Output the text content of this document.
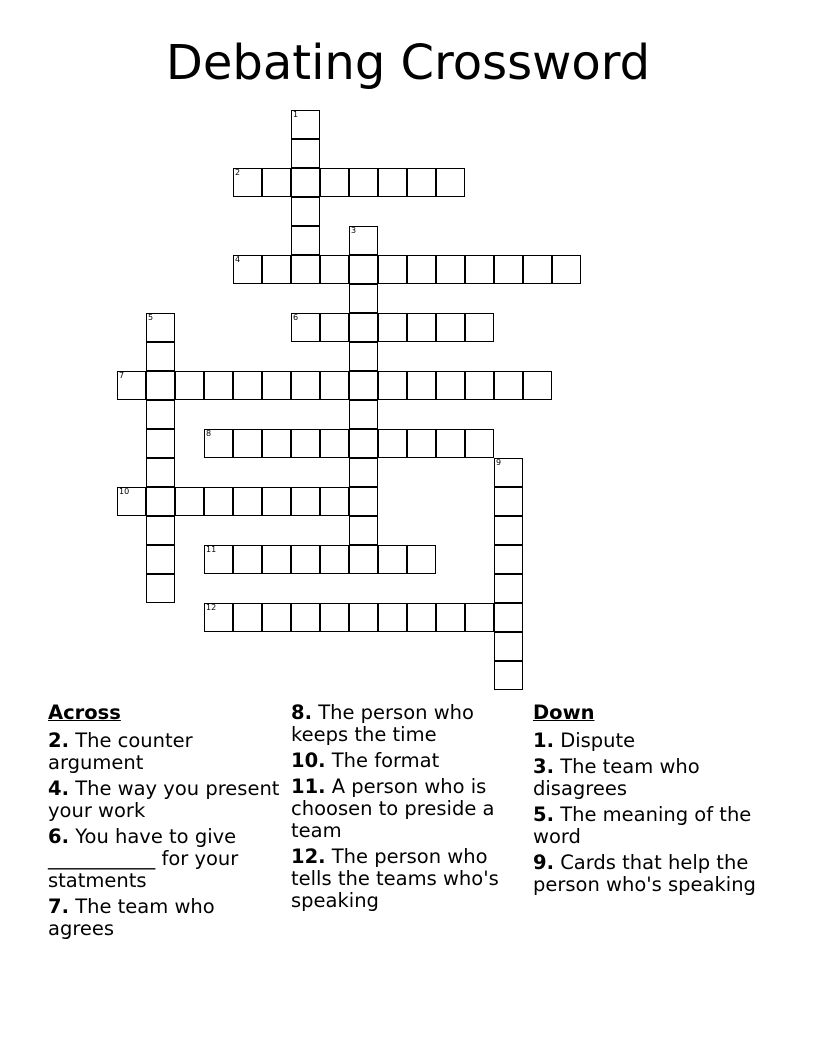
Debating Crossword
1
2
3
4
5	6
7
8
9
10
11
12
Across

2. The counter argument

4. The way you present your work

6. You have to give ___________ for your statments

7. The team who agrees

8. The person who keeps the time

10. The format

11. A person who is choosen to preside a team

12. The person who tells the teams who's speaking

Down

1. Dispute

3. The team who disagrees

5. The meaning of the word

9. Cards that help the person who's speaking
